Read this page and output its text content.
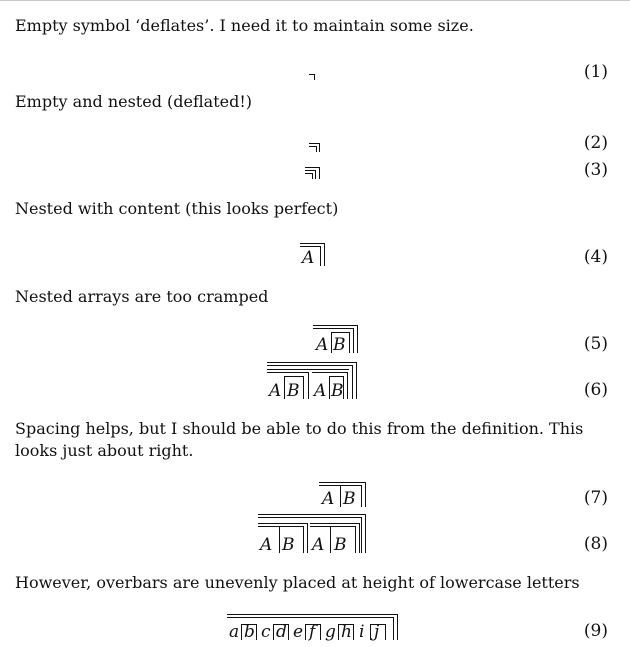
Empty symbol ‘deflates’. I need it to maintain some size.

(1)

Empty and nested (deflated!)

(2)
(3)

Nested with content (this looks perfect)

A	(4)

Nested arrays are too cramped

A B	(5)
A B A B	(6)

Spacing helps, but I should be able to do this from the definition. This looks just about right.

A B	(7)
A B A B	(8)

However, overbars are unevenly placed at height of lowercase letters

a b c d e f g h i j	(9)
